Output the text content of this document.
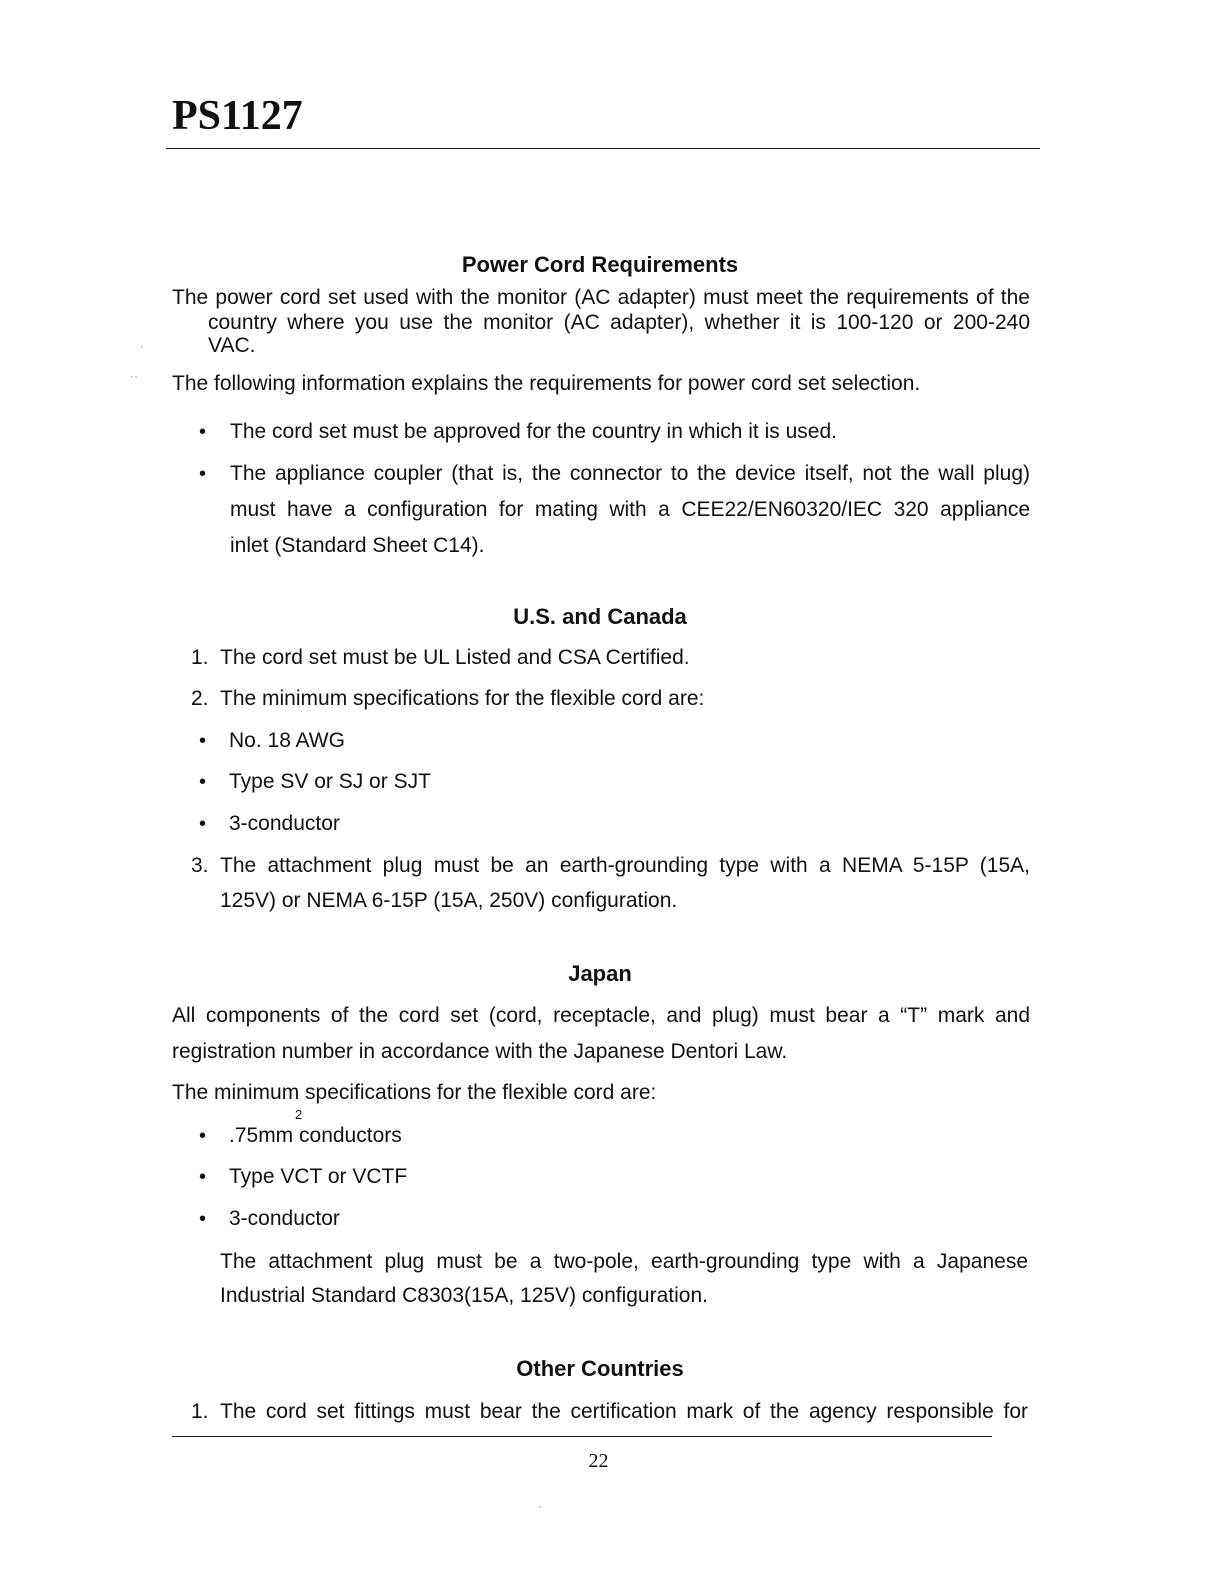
PS1127
·
··
Power Cord Requirements
The power cord set used with the monitor (AC adapter) must meet the requirements of the
country where you use the monitor (AC adapter), whether it is 100-120 or 200-240
VAC.
The following information explains the requirements for power cord set selection.
• The cord set must be approved for the country in which it is used.
• The appliance coupler (that is, the connector to the device itself, not the wall plug)
must have a configuration for mating with a CEE22/EN60320/IEC 320 appliance
inlet (Standard Sheet C14).
U.S. and Canada
1. The cord set must be UL Listed and CSA Certified.
2. The minimum specifications for the flexible cord are:
• No. 18 AWG
• Type SV or SJ or SJT
• 3-conductor
3. The attachment plug must be an earth-grounding type with a NEMA 5-15P (15A,
125V) or NEMA 6-15P (15A, 250V) configuration.
Japan
All components of the cord set (cord, receptacle, and plug) must bear a “T” mark and
registration number in accordance with the Japanese Dentori Law.
The minimum specifications for the flexible cord are:
• .75mm conductors
2
• Type VCT or VCTF
• 3-conductor
The attachment plug must be a two-pole, earth-grounding type with a Japanese
Industrial Standard C8303(15A, 125V) configuration.
Other Countries
1. The cord set fittings must bear the certification mark of the agency responsible for
22
·
